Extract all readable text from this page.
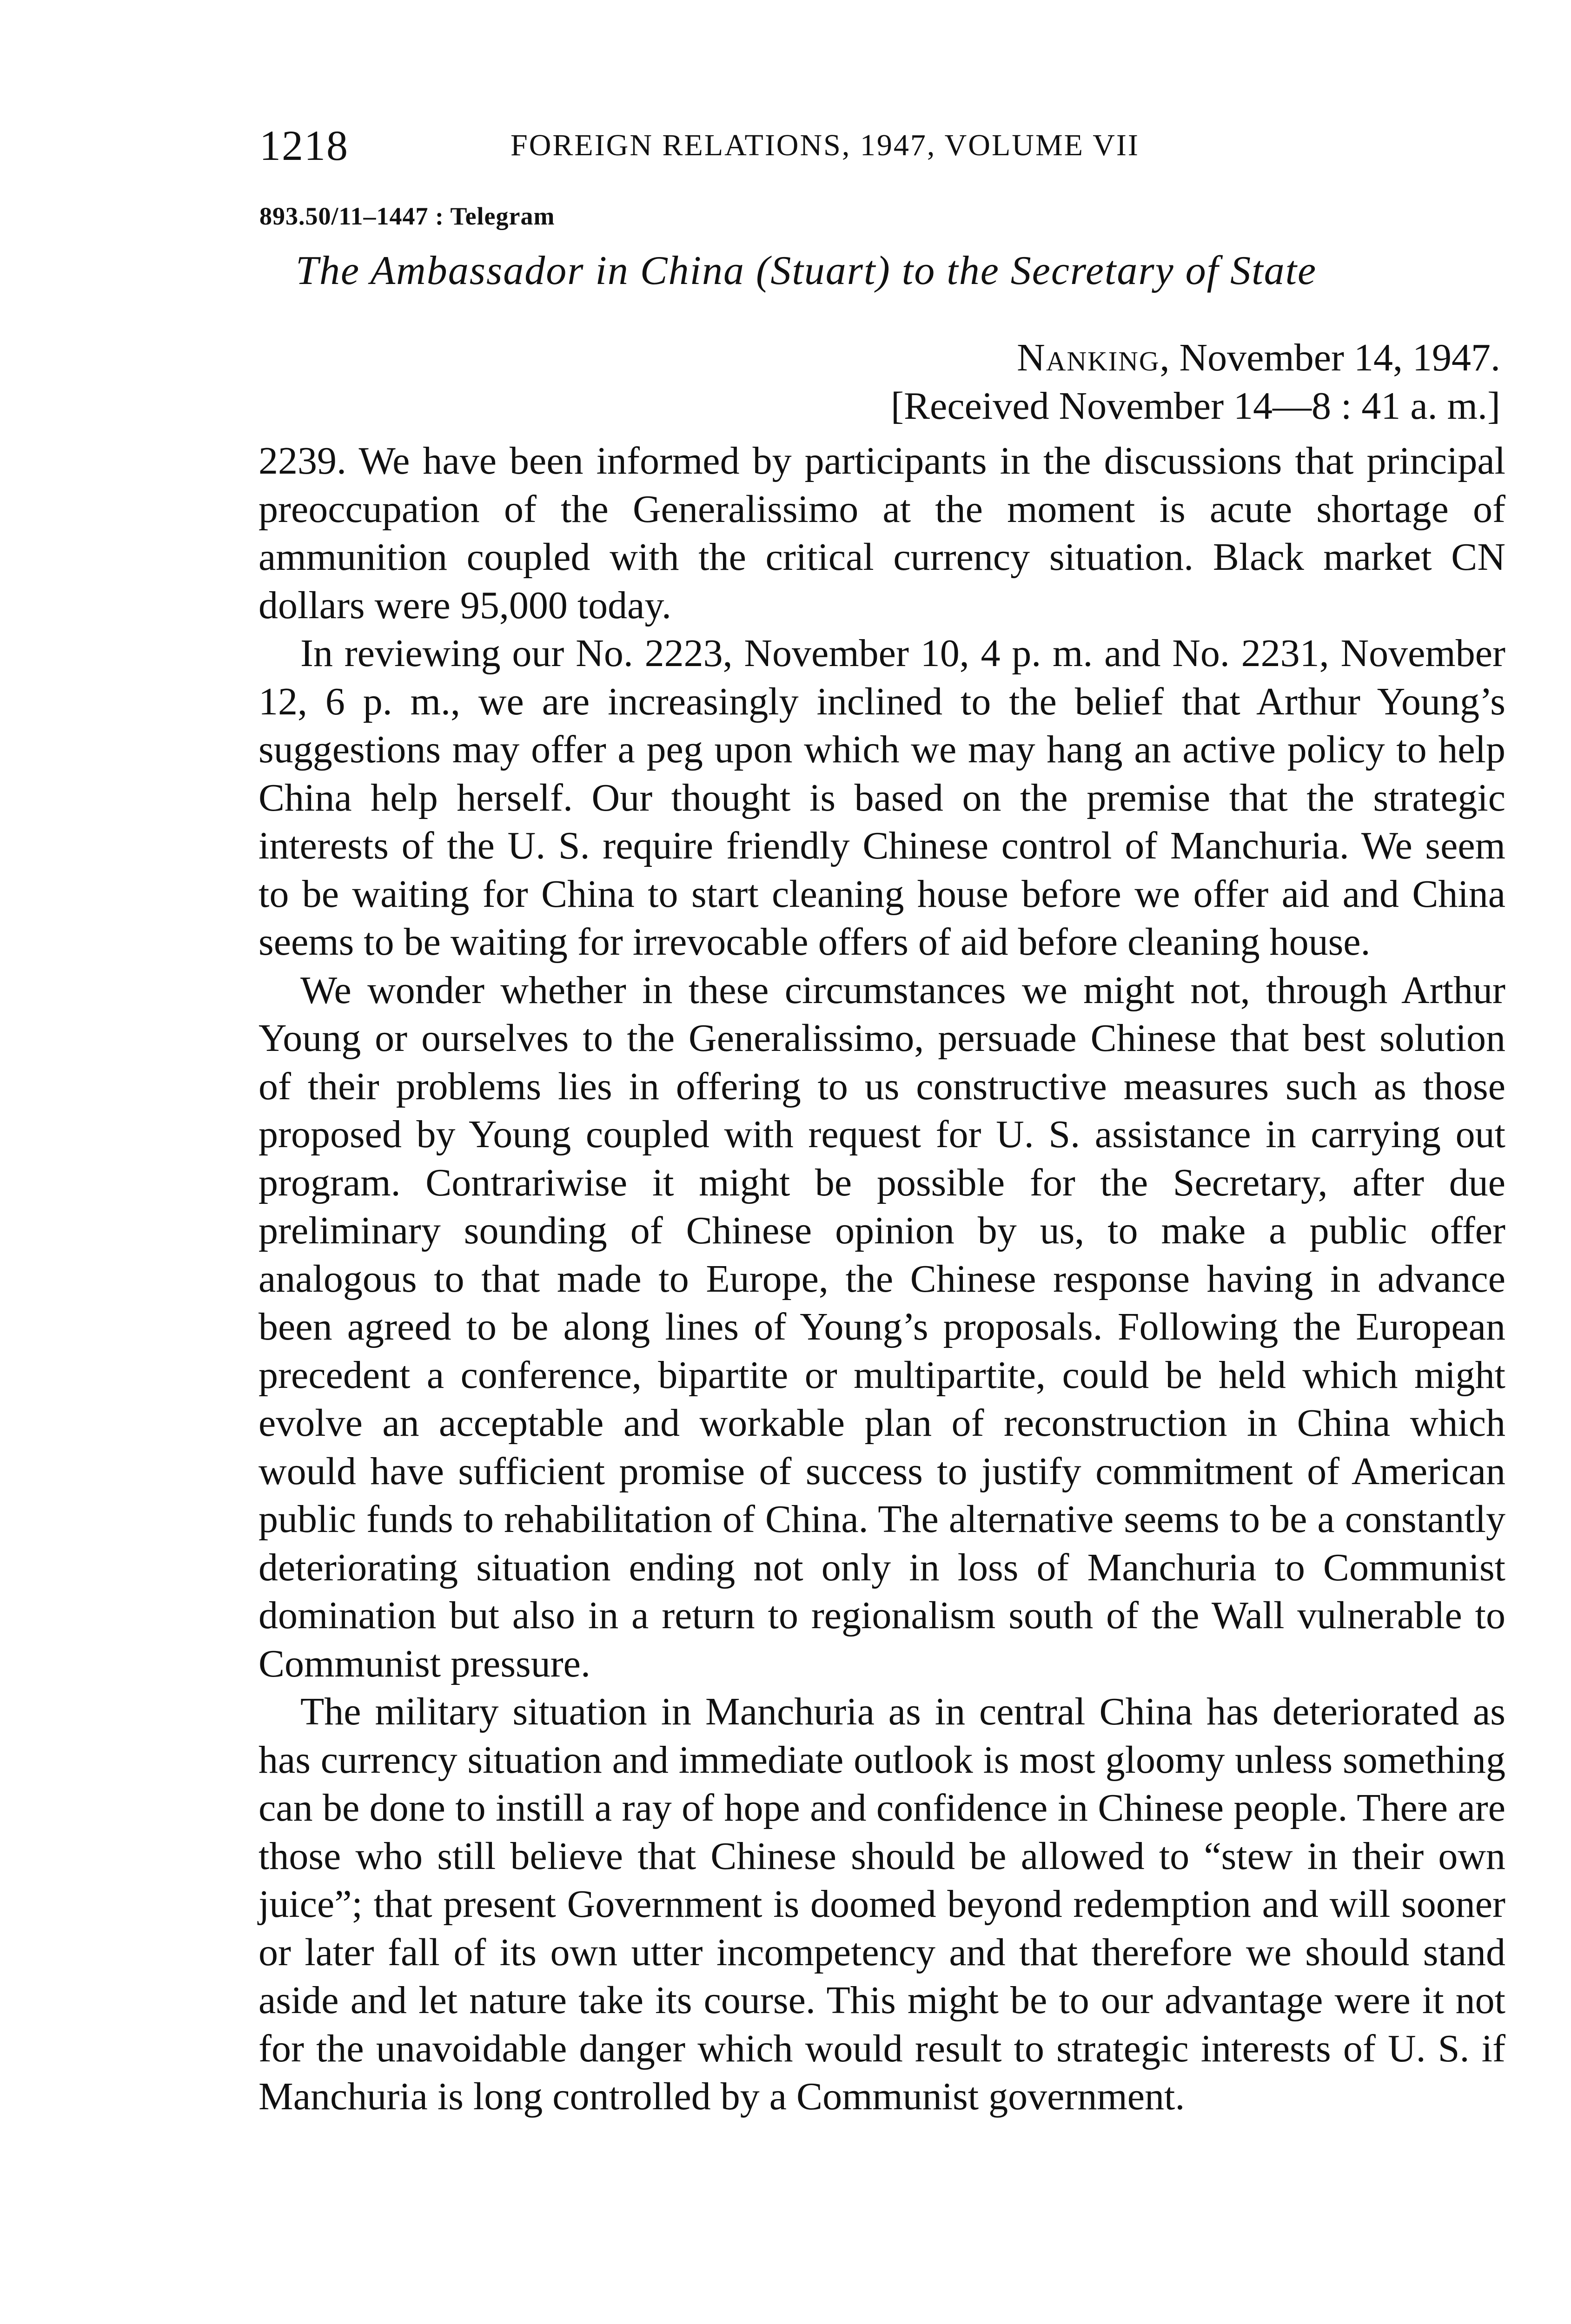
1218	FOREIGN RELATIONS, 1947, VOLUME VII
893.50/11–1447 : Telegram
The Ambassador in China (Stuart) to the Secretary of State
Nanking, November 14, 1947.
[Received November 14—8 : 41 a. m.]

2239. We have been informed by participants in the discussions that principal preoccupation of the Generalissimo at the moment is acute shortage of ammunition coupled with the critical currency situation. Black market CN dollars were 95,000 today.

In reviewing our No. 2223, November 10, 4 p. m. and No. 2231, November 12, 6 p. m., we are increasingly inclined to the belief that Arthur Young’s suggestions may offer a peg upon which we may hang an active policy to help China help herself. Our thought is based on the premise that the strategic interests of the U. S. require friendly Chinese control of Manchuria. We seem to be waiting for China to start cleaning house before we offer aid and China seems to be waiting for irrevocable offers of aid before cleaning house.

We wonder whether in these circumstances we might not, through Arthur Young or ourselves to the Generalissimo, persuade Chinese that best solution of their problems lies in offering to us constructive measures such as those proposed by Young coupled with request for U. S. assistance in carrying out program. Contrariwise it might be possible for the Secretary, after due preliminary sounding of Chinese opinion by us, to make a public offer analogous to that made to Europe, the Chinese response having in advance been agreed to be along lines of Young’s proposals. Following the European precedent a conference, bipartite or multipartite, could be held which might evolve an acceptable and workable plan of reconstruction in China which would have sufficient promise of success to justify commitment of American public funds to rehabilitation of China. The alternative seems to be a constantly deteriorating situation ending not only in loss of Manchuria to Communist domination but also in a return to regionalism south of the Wall vulnerable to Communist pressure.

The military situation in Manchuria as in central China has deteriorated as has currency situation and immediate outlook is most gloomy unless something can be done to instill a ray of hope and confidence in Chinese people. There are those who still believe that Chinese should be allowed to “stew in their own juice”; that present Government is doomed beyond redemption and will sooner or later fall of its own utter incompetency and that therefore we should stand aside and let nature take its course. This might be to our advantage were it not for the unavoidable danger which would result to strategic interests of U. S. if Manchuria is long controlled by a Communist government.
